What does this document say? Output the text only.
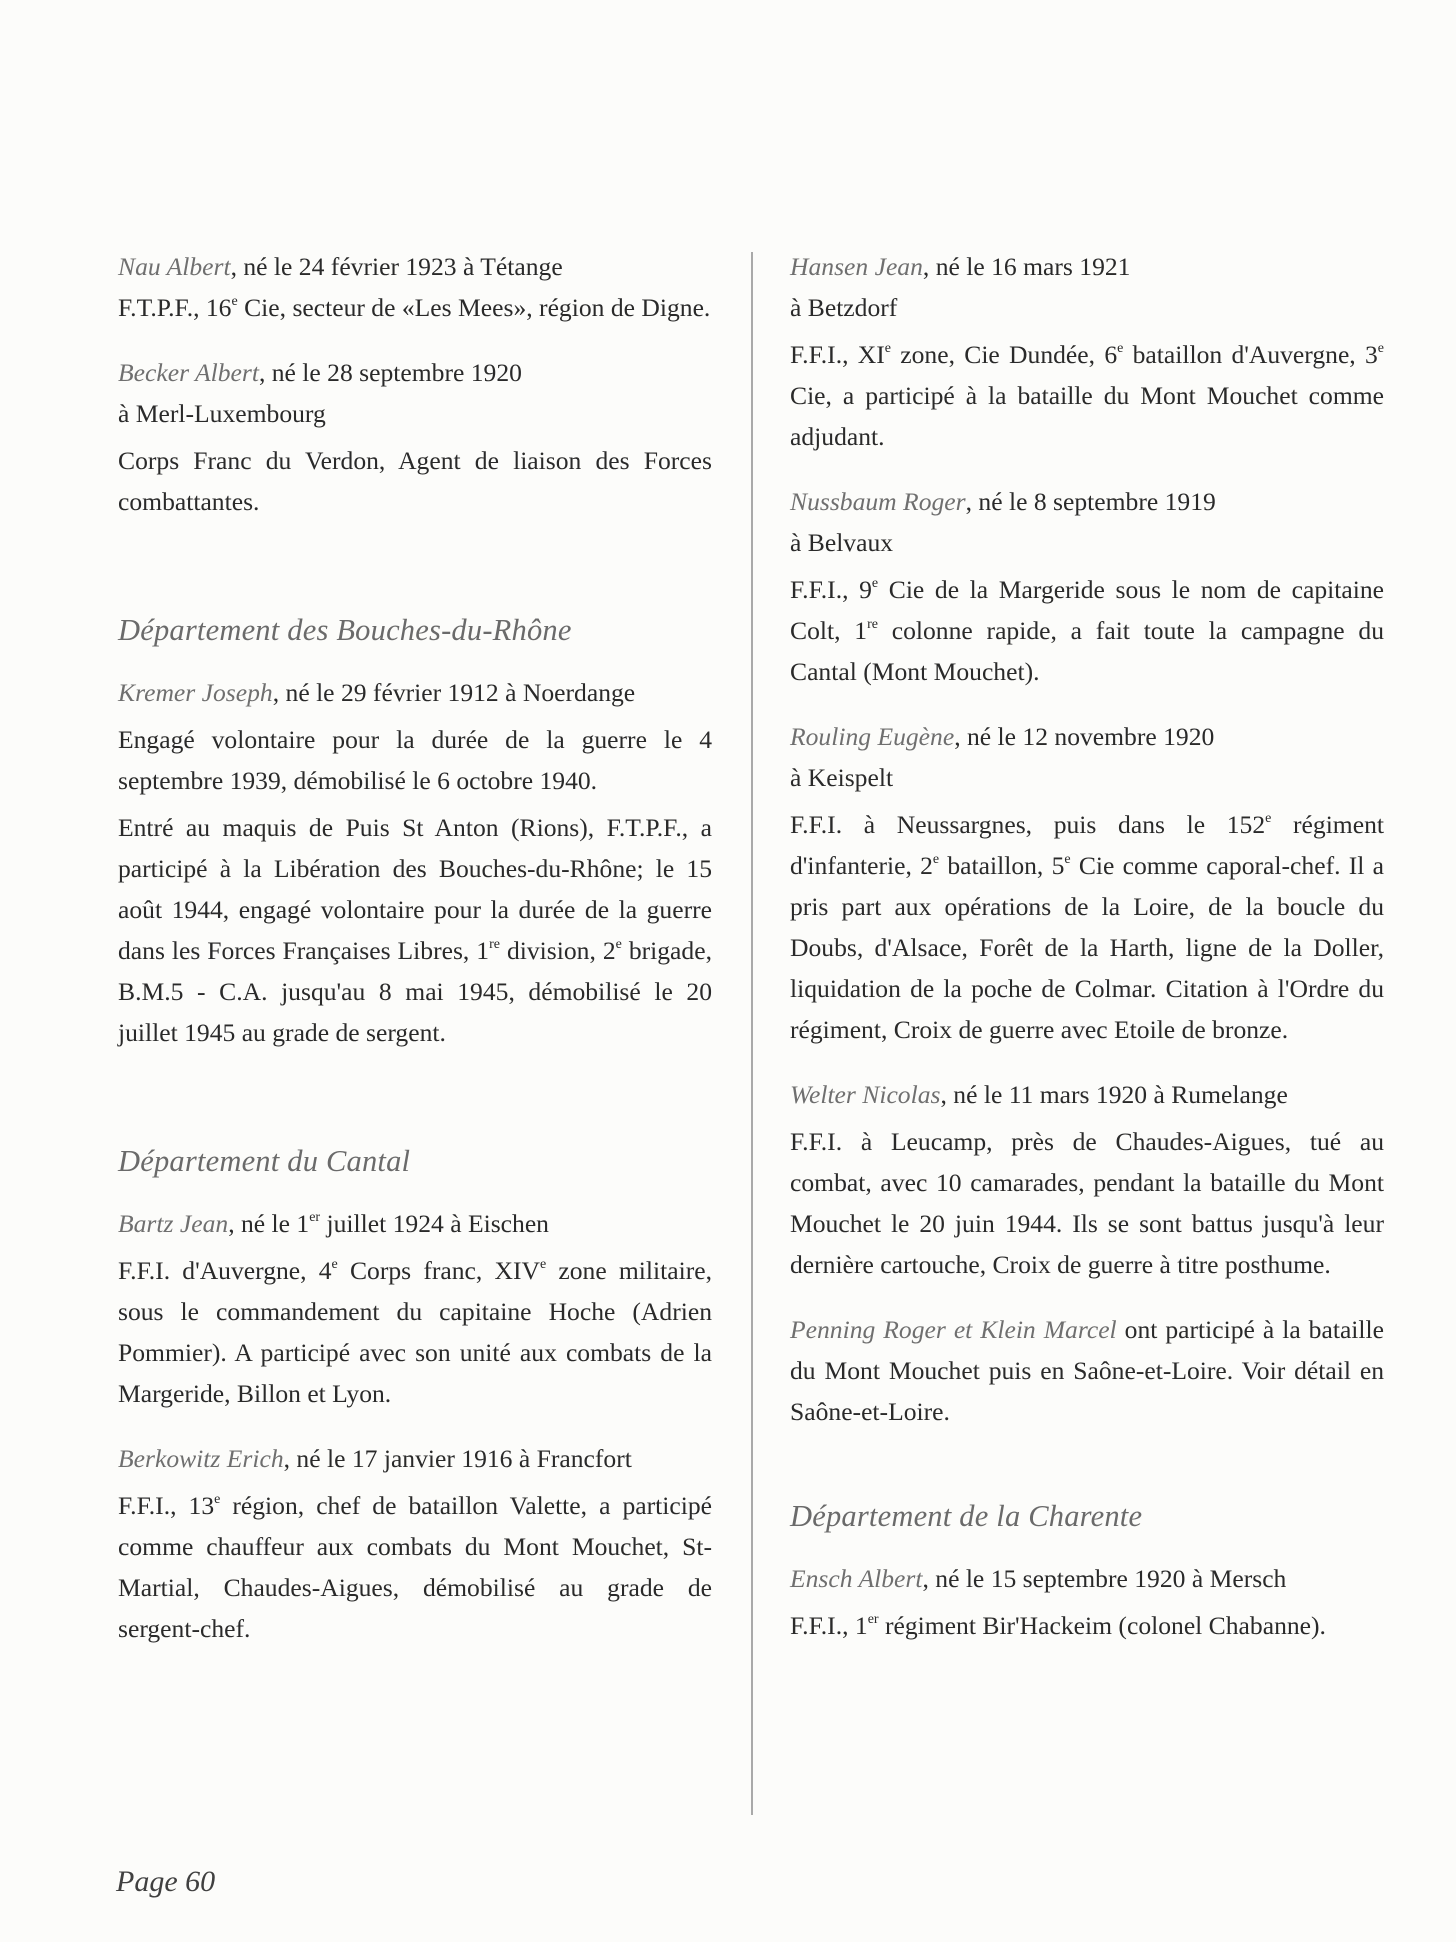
Nau Albert, né le 24 février 1923 à Tétange

F.T.P.F., 16e Cie, secteur de «Les Mees», région de Digne.

Becker Albert, né le 28 septembre 1920

à Merl-Luxembourg

Corps Franc du Verdon, Agent de liaison des Forces combattantes.

Département des Bouches-du-Rhône

Kremer Joseph, né le 29 février 1912 à Noerdange

Engagé volontaire pour la durée de la guerre le 4 septembre 1939, démobilisé le 6 octobre 1940.

Entré au maquis de Puis St Anton (Rions), F.T.P.F., a participé à la Libération des Bouches-du-Rhône; le 15 août 1944, engagé volontaire pour la durée de la guerre dans les Forces Françaises Libres, 1re division, 2e brigade, B.M.5 - C.A. jusqu'au 8 mai 1945, démobilisé le 20 juillet 1945 au grade de sergent.

Département du Cantal

Bartz Jean, né le 1er juillet 1924 à Eischen

F.F.I. d'Auvergne, 4e Corps franc, XIVe zone militaire, sous le commandement du capitaine Hoche (Adrien Pommier). A participé avec son unité aux combats de la Margeride, Billon et Lyon.

Berkowitz Erich, né le 17 janvier 1916 à Francfort

F.F.I., 13e région, chef de bataillon Valette, a participé comme chauffeur aux combats du Mont Mouchet, St-Martial, Chaudes-Aigues, démobilisé au grade de sergent-chef.

Hansen Jean, né le 16 mars 1921

à Betzdorf

F.F.I., XIe zone, Cie Dundée, 6e bataillon d'Auvergne, 3e Cie, a participé à la bataille du Mont Mouchet comme adjudant.

Nussbaum Roger, né le 8 septembre 1919

à Belvaux

F.F.I., 9e Cie de la Margeride sous le nom de capitaine Colt, 1re colonne rapide, a fait toute la campagne du Cantal (Mont Mouchet).

Rouling Eugène, né le 12 novembre 1920

à Keispelt

F.F.I. à Neussargnes, puis dans le 152e régiment d'infanterie, 2e bataillon, 5e Cie comme caporal-chef. Il a pris part aux opérations de la Loire, de la boucle du Doubs, d'Alsace, Forêt de la Harth, ligne de la Doller, liquidation de la poche de Colmar. Citation à l'Ordre du régiment, Croix de guerre avec Etoile de bronze.

Welter Nicolas, né le 11 mars 1920 à Rumelange

F.F.I. à Leucamp, près de Chaudes-Aigues, tué au combat, avec 10 camarades, pendant la bataille du Mont Mouchet le 20 juin 1944. Ils se sont battus jusqu'à leur dernière cartouche, Croix de guerre à titre posthume.

Penning Roger et Klein Marcel ont participé à la bataille du Mont Mouchet puis en Saône-et-Loire. Voir détail en Saône-et-Loire.

Département de la Charente

Ensch Albert, né le 15 septembre 1920 à Mersch

F.F.I., 1er régiment Bir'Hackeim (colonel Chabanne).

Page 60
